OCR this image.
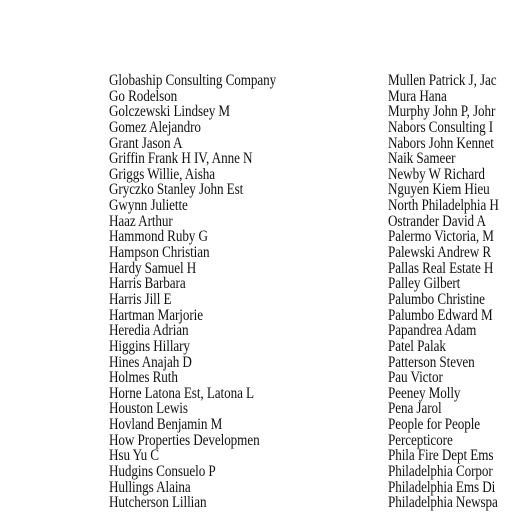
Globaship Consulting Company
Go Rodelson
Golczewski Lindsey M
Gomez Alejandro
Grant Jason A
Griffin Frank H IV, Anne N
Griggs Willie, Aisha
Gryczko Stanley John Est
Gwynn Juliette
Haaz Arthur
Hammond Ruby G
Hampson Christian
Hardy Samuel H
Harris Barbara
Harris Jill E
Hartman Marjorie
Heredia Adrian
Higgins Hillary
Hines Anajah D
Holmes Ruth
Horne Latona Est, Latona L
Houston Lewis
Hovland Benjamin M
How Properties Developmen
Hsu Yu C
Hudgins Consuelo P
Hullings Alaina
Hutcherson Lillian
Mullen Patrick J, Jac
Mura Hana
Murphy John P, Johr
Nabors Consulting I
Nabors John Kennet
Naik Sameer
Newby W Richard
Nguyen Kiem Hieu
North Philadelphia H
Ostrander David A
Palermo Victoria, M
Palewski Andrew R
Pallas Real Estate H
Palley Gilbert
Palumbo Christine
Palumbo Edward M
Papandrea Adam
Patel Palak
Patterson Steven
Pau Victor
Peeney Molly
Pena Jarol
People for People
Percepticore
Phila Fire Dept Ems
Philadelphia Corpor
Philadelphia Ems Di
Philadelphia Newspa
